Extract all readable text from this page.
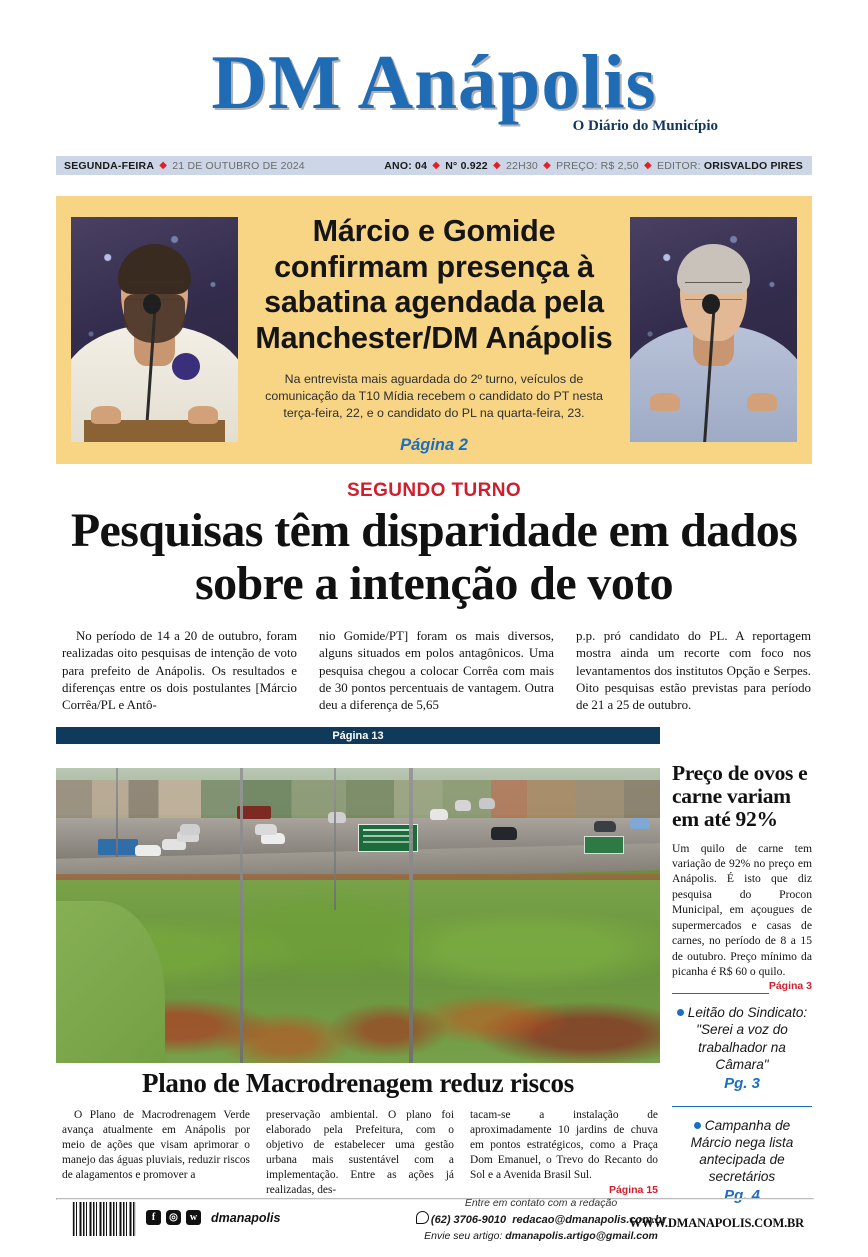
DM Anápolis
O Diário do Município
SEGUNDA-FEIRA ◆ 21 DE OUTUBRO DE 2024	ANO: 04 ◆ N° 0.922 ◆ 22H30 ◆ PREÇO: R$ 2,50 ◆ EDITOR: ORISVALDO PIRES
Márcio e Gomide confirmam presença à sabatina agendada pela Manchester/DM Anápolis
Na entrevista mais aguardada do 2º turno, veículos de comunicação da T10 Mídia recebem o candidato do PT nesta terça-feira, 22, e o candidato do PL na quarta-feira, 23.
Página 2
SEGUNDO TURNO
Pesquisas têm disparidade em dados sobre a intenção de voto

No período de 14 a 20 de outubro, foram realizadas oito pesquisas de intenção de voto para prefeito de Anápolis. Os resultados e diferenças entre os dois postulantes [Márcio Corrêa/PL e Antô-

nio Gomide/PT] foram os mais diversos, alguns situados em polos antagônicos. Uma pesquisa chegou a colocar Corrêa com mais de 30 pontos percentuais de vantagem. Outra deu a diferença de 5,65

p.p. pró candidato do PL. A reportagem mostra ainda um recorte com foco nos levantamentos dos institutos Opção e Serpes. Oito pesquisas estão previstas para período de 21 a 25 de outubro.

Página 13
Plano de Macrodrenagem reduz riscos

O Plano de Macrodrenagem Verde avança atualmente em Anápolis por meio de ações que visam aprimorar o manejo das águas pluviais, reduzir riscos de alagamentos e promover a

preservação ambiental. O plano foi elaborado pela Prefeitura, com o objetivo de estabelecer uma gestão urbana mais sustentável com a implementação. Entre as ações já realizadas, des-

tacam-se a instalação de aproximadamente 10 jardins de chuva em pontos estratégicos, como a Praça Dom Emanuel, o Trevo do Recanto do Sol e a Avenida Brasil Sul.

Página 15
Preço de ovos e carne variam em até 92%
Um quilo de carne tem variação de 92% no preço em Anápolis. É isto que diz pesquisa do Procon Municipal, em açougues de supermercados e casas de carnes, no período de 8 a 15 de outubro. Preço mínimo da picanha é R$ 60 o quilo.
Página 3
Leitão do Sindicato: "Serei a voz do trabalhador na Câmara"
Pg. 3
Campanha de Márcio nega lista antecipada de secretários
Pg. 4
f	◎	w	dmanapolis
Entre em contato com a redação
(62) 3706-9010 redacao@dmanapolis.com.br
Envie seu artigo: dmanapolis.artigo@gmail.com
WWW.DMANAPOLIS.COM.BR
